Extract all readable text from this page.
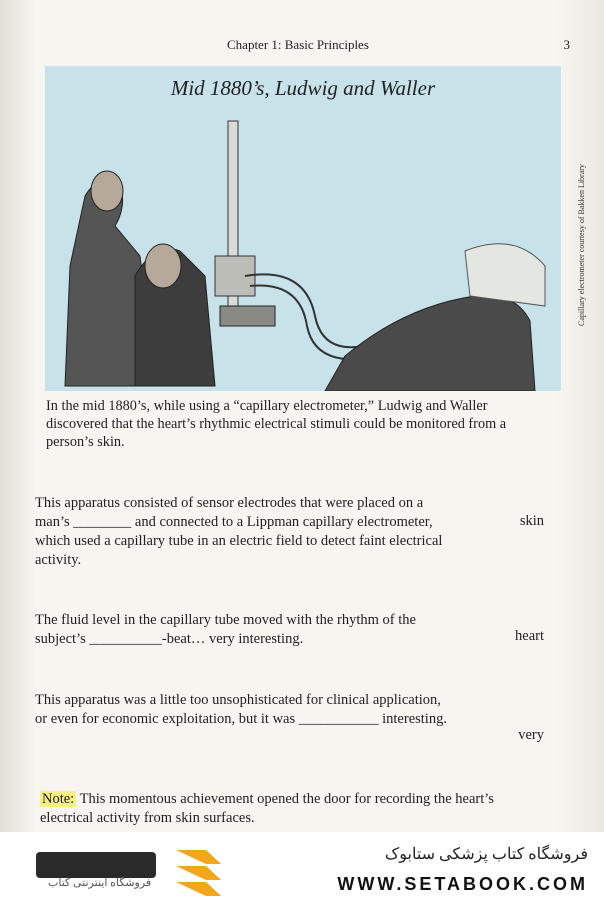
Chapter 1: Basic Principles	3
Mid 1880’s, Ludwig and Waller
Capillary electrometer courtesy of Bakken Library
In the mid 1880’s, while using a “capillary electrometer,” Ludwig and Waller discovered that the heart’s rhythmic electrical stimuli could be monitored from a person’s skin.
This apparatus consisted of sensor electrodes that were placed on a man’s ________ and connected to a Lippman capillary electrometer, which used a capillary tube in an electric field to detect faint electrical activity.
skin
The fluid level in the capillary tube moved with the rhythm of the subject’s __________-beat… very interesting.	heart
This apparatus was a little too unsophisticated for clinical application, or even for economic exploitation, but it was ___________ interesting.
very
Note: This momentous achievement opened the door for recording the heart’s electrical activity from skin surfaces.
فروشگاه اینترنتی کتاب
فروشگاه کتاب پزشکی ستابوک
WWW.SETABOOK.COM
